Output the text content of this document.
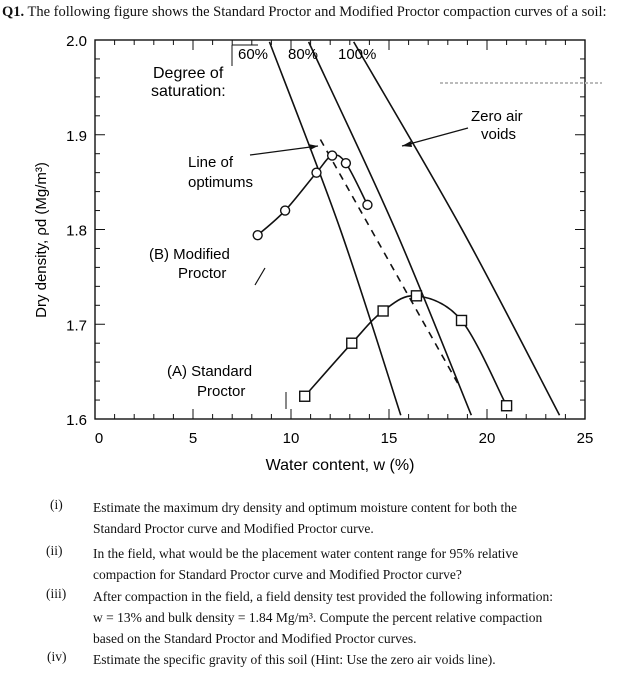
Q1. The following figure shows the Standard Proctor and Modified Proctor compaction curves of a soil:
0	5	10	15	20	25
1.6
1.7
1.8
1.9
2.0
Degree of
saturation:
60% 80% 100%
Zero air
voids
Line of
optimums
(B) Modified
Proctor
(A) Standard
Proctor
Water content, w (%)
Dry density, ρd (Mg/m³)
(i) Estimate the maximum dry density and optimum moisture content for both the
Standard Proctor curve and Modified Proctor curve.
(ii) In the field, what would be the placement water content range for 95% relative
compaction for Standard Proctor curve and Modified Proctor curve?
(iii) After compaction in the field, a field density test provided the following information:
w = 13% and bulk density = 1.84 Mg/m³. Compute the percent relative compaction
based on the Standard Proctor and Modified Proctor curves.
(iv) Estimate the specific gravity of this soil (Hint: Use the zero air voids line).
